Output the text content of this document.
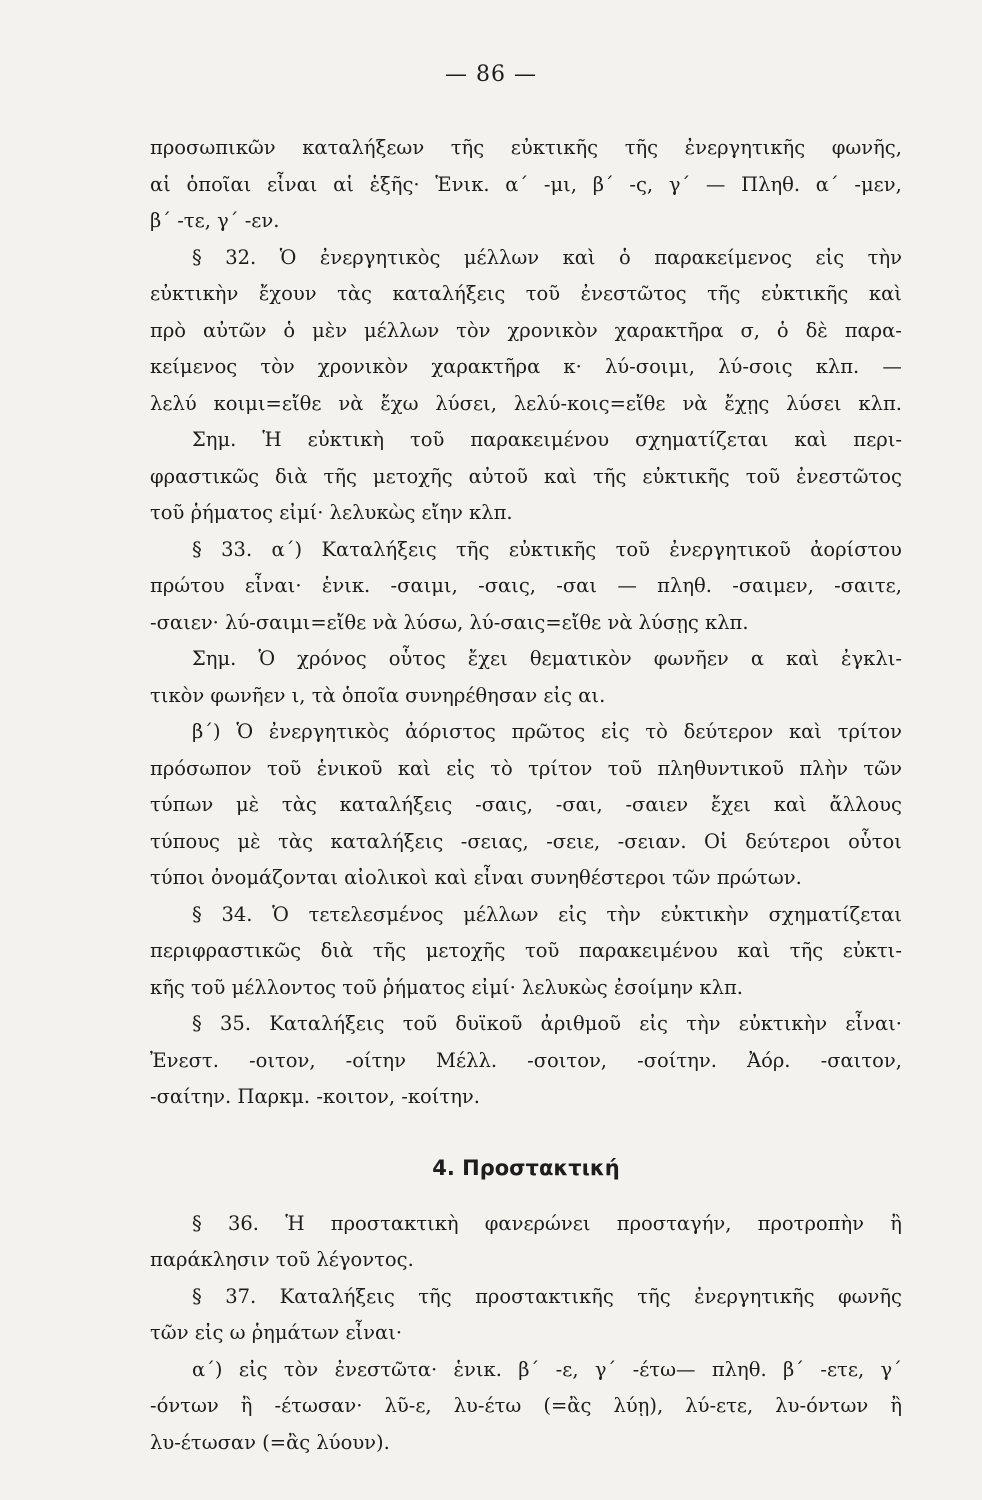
— 86 —
προσωπικῶν καταλήξεων τῆς εὐκτικῆς τῆς ἐνεργητικῆς φωνῆς,
αἱ ὁποῖαι εἶναι αἱ ἑξῆς· Ἑνικ. α΄ -μι, β΄ -ς, γ΄ — Πληθ. α΄ -μεν,
β΄ -τε, γ΄ -εν.
§ 32. Ὁ ἐνεργητικὸς μέλλων καὶ ὁ παρακείμενος εἰς τὴν
εὐκτικὴν ἔχουν τὰς καταλήξεις τοῦ ἐνεστῶτος τῆς εὐκτικῆς καὶ
πρὸ αὐτῶν ὁ μὲν μέλλων τὸν χρονικὸν χαρακτῆρα σ, ὁ δὲ παρα-
κείμενος τὸν χρονικὸν χαρακτῆρα κ· λύ-σοιμι, λύ-σοις κλπ. —
λελύ κοιμι=εἴθε νὰ ἔχω λύσει, λελύ-κοις=εἴθε νὰ ἔχῃς λύσει κλπ.
Σημ. Ἡ εὐκτικὴ τοῦ παρακειμένου σχηματίζεται καὶ περι-
φραστικῶς διὰ τῆς μετοχῆς αὐτοῦ καὶ τῆς εὐκτικῆς τοῦ ἐνεστῶτος
τοῦ ῥήματος εἰμί· λελυκὼς εἴην κλπ.
§ 33. α΄) Καταλήξεις τῆς εὐκτικῆς τοῦ ἐνεργητικοῦ ἀορίστου
πρώτου εἶναι· ἑνικ. -σαιμι, -σαις, -σαι — πληθ. -σαιμεν, -σαιτε,
-σαιεν· λύ-σαιμι=εἴθε νὰ λύσω, λύ-σαις=εἴθε νὰ λύσῃς κλπ.
Σημ. Ὁ χρόνος οὗτος ἔχει θεματικὸν φωνῆεν α καὶ ἐγκλι-
τικὸν φωνῆεν ι, τὰ ὁποῖα συνηρέθησαν εἰς αι.
β΄) Ὁ ἐνεργητικὸς ἀόριστος πρῶτος εἰς τὸ δεύτερον καὶ τρίτον
πρόσωπον τοῦ ἑνικοῦ καὶ εἰς τὸ τρίτον τοῦ πληθυντικοῦ πλὴν τῶν
τύπων μὲ τὰς καταλήξεις -σαις, -σαι, -σαιεν ἔχει καὶ ἄλλους
τύπους μὲ τὰς καταλήξεις -σειας, -σειε, -σειαν. Οἱ δεύτεροι οὗτοι
τύποι ὀνομάζονται αἰολικοὶ καὶ εἶναι συνηθέστεροι τῶν πρώτων.
§ 34. Ὁ τετελεσμένος μέλλων εἰς τὴν εὐκτικὴν σχηματίζεται
περιφραστικῶς διὰ τῆς μετοχῆς τοῦ παρακειμένου καὶ τῆς εὐκτι-
κῆς τοῦ μέλλοντος τοῦ ῥήματος εἰμί· λελυκὼς ἐσοίμην κλπ.
§ 35. Καταλήξεις τοῦ δυϊκοῦ ἀριθμοῦ εἰς τὴν εὐκτικὴν εἶναι·
Ἐνεστ. -οιτον, -οίτην Μέλλ. -σοιτον, -σοίτην. Ἀόρ. -σαιτον,
-σαίτην. Παρκμ. -κοιτον, -κοίτην.
4. Προστακτική
§ 36. Ἡ προστακτικὴ φανερώνει προσταγήν, προτροπὴν ἢ
παράκλησιν τοῦ λέγοντος.
§ 37. Καταλήξεις τῆς προστακτικῆς τῆς ἐνεργητικῆς φωνῆς
τῶν εἰς ω ῥημάτων εἶναι·
α΄) εἰς τὸν ἐνεστῶτα· ἑνικ. β΄ -ε, γ΄ -έτω— πληθ. β΄ -ετε, γ΄
-όντων ἢ -έτωσαν· λῦ-ε, λυ-έτω (=ἂς λύῃ), λύ-ετε, λυ-όντων ἢ
λυ-έτωσαν (=ἂς λύουν).
